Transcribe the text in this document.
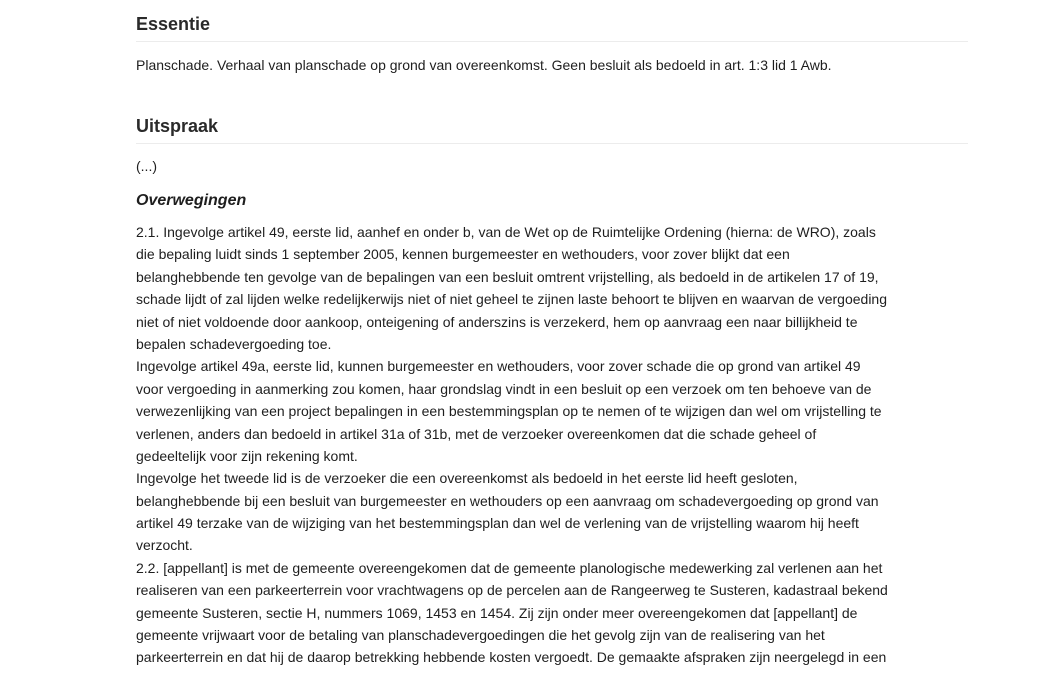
Essentie

Planschade. Verhaal van planschade op grond van overeenkomst. Geen besluit als bedoeld in art. 1:3 lid 1 Awb.

Uitspraak

(...)

Overwegingen

2.1. Ingevolge artikel 49, eerste lid, aanhef en onder b, van de Wet op de Ruimtelijke Ordening (hierna: de WRO), zoals

die bepaling luidt sinds 1 september 2005, kennen burgemeester en wethouders, voor zover blijkt dat een

belanghebbende ten gevolge van de bepalingen van een besluit omtrent vrijstelling, als bedoeld in de artikelen 17 of 19,

schade lijdt of zal lijden welke redelijkerwijs niet of niet geheel te zijnen laste behoort te blijven en waarvan de vergoeding

niet of niet voldoende door aankoop, onteigening of anderszins is verzekerd, hem op aanvraag een naar billijkheid te

bepalen schadevergoeding toe.

Ingevolge artikel 49a, eerste lid, kunnen burgemeester en wethouders, voor zover schade die op grond van artikel 49

voor vergoeding in aanmerking zou komen, haar grondslag vindt in een besluit op een verzoek om ten behoeve van de

verwezenlijking van een project bepalingen in een bestemmingsplan op te nemen of te wijzigen dan wel om vrijstelling te

verlenen, anders dan bedoeld in artikel 31a of 31b, met de verzoeker overeenkomen dat die schade geheel of

gedeeltelijk voor zijn rekening komt.

Ingevolge het tweede lid is de verzoeker die een overeenkomst als bedoeld in het eerste lid heeft gesloten,

belanghebbende bij een besluit van burgemeester en wethouders op een aanvraag om schadevergoeding op grond van

artikel 49 terzake van de wijziging van het bestemmingsplan dan wel de verlening van de vrijstelling waarom hij heeft

verzocht.

2.2. [appellant] is met de gemeente overeengekomen dat de gemeente planologische medewerking zal verlenen aan het

realiseren van een parkeerterrein voor vrachtwagens op de percelen aan de Rangeerweg te Susteren, kadastraal bekend

gemeente Susteren, sectie H, nummers 1069, 1453 en 1454. Zij zijn onder meer overeengekomen dat [appellant] de

gemeente vrijwaart voor de betaling van planschadevergoedingen die het gevolg zijn van de realisering van het

parkeerterrein en dat hij de daarop betrekking hebbende kosten vergoedt. De gemaakte afspraken zijn neergelegd in een
